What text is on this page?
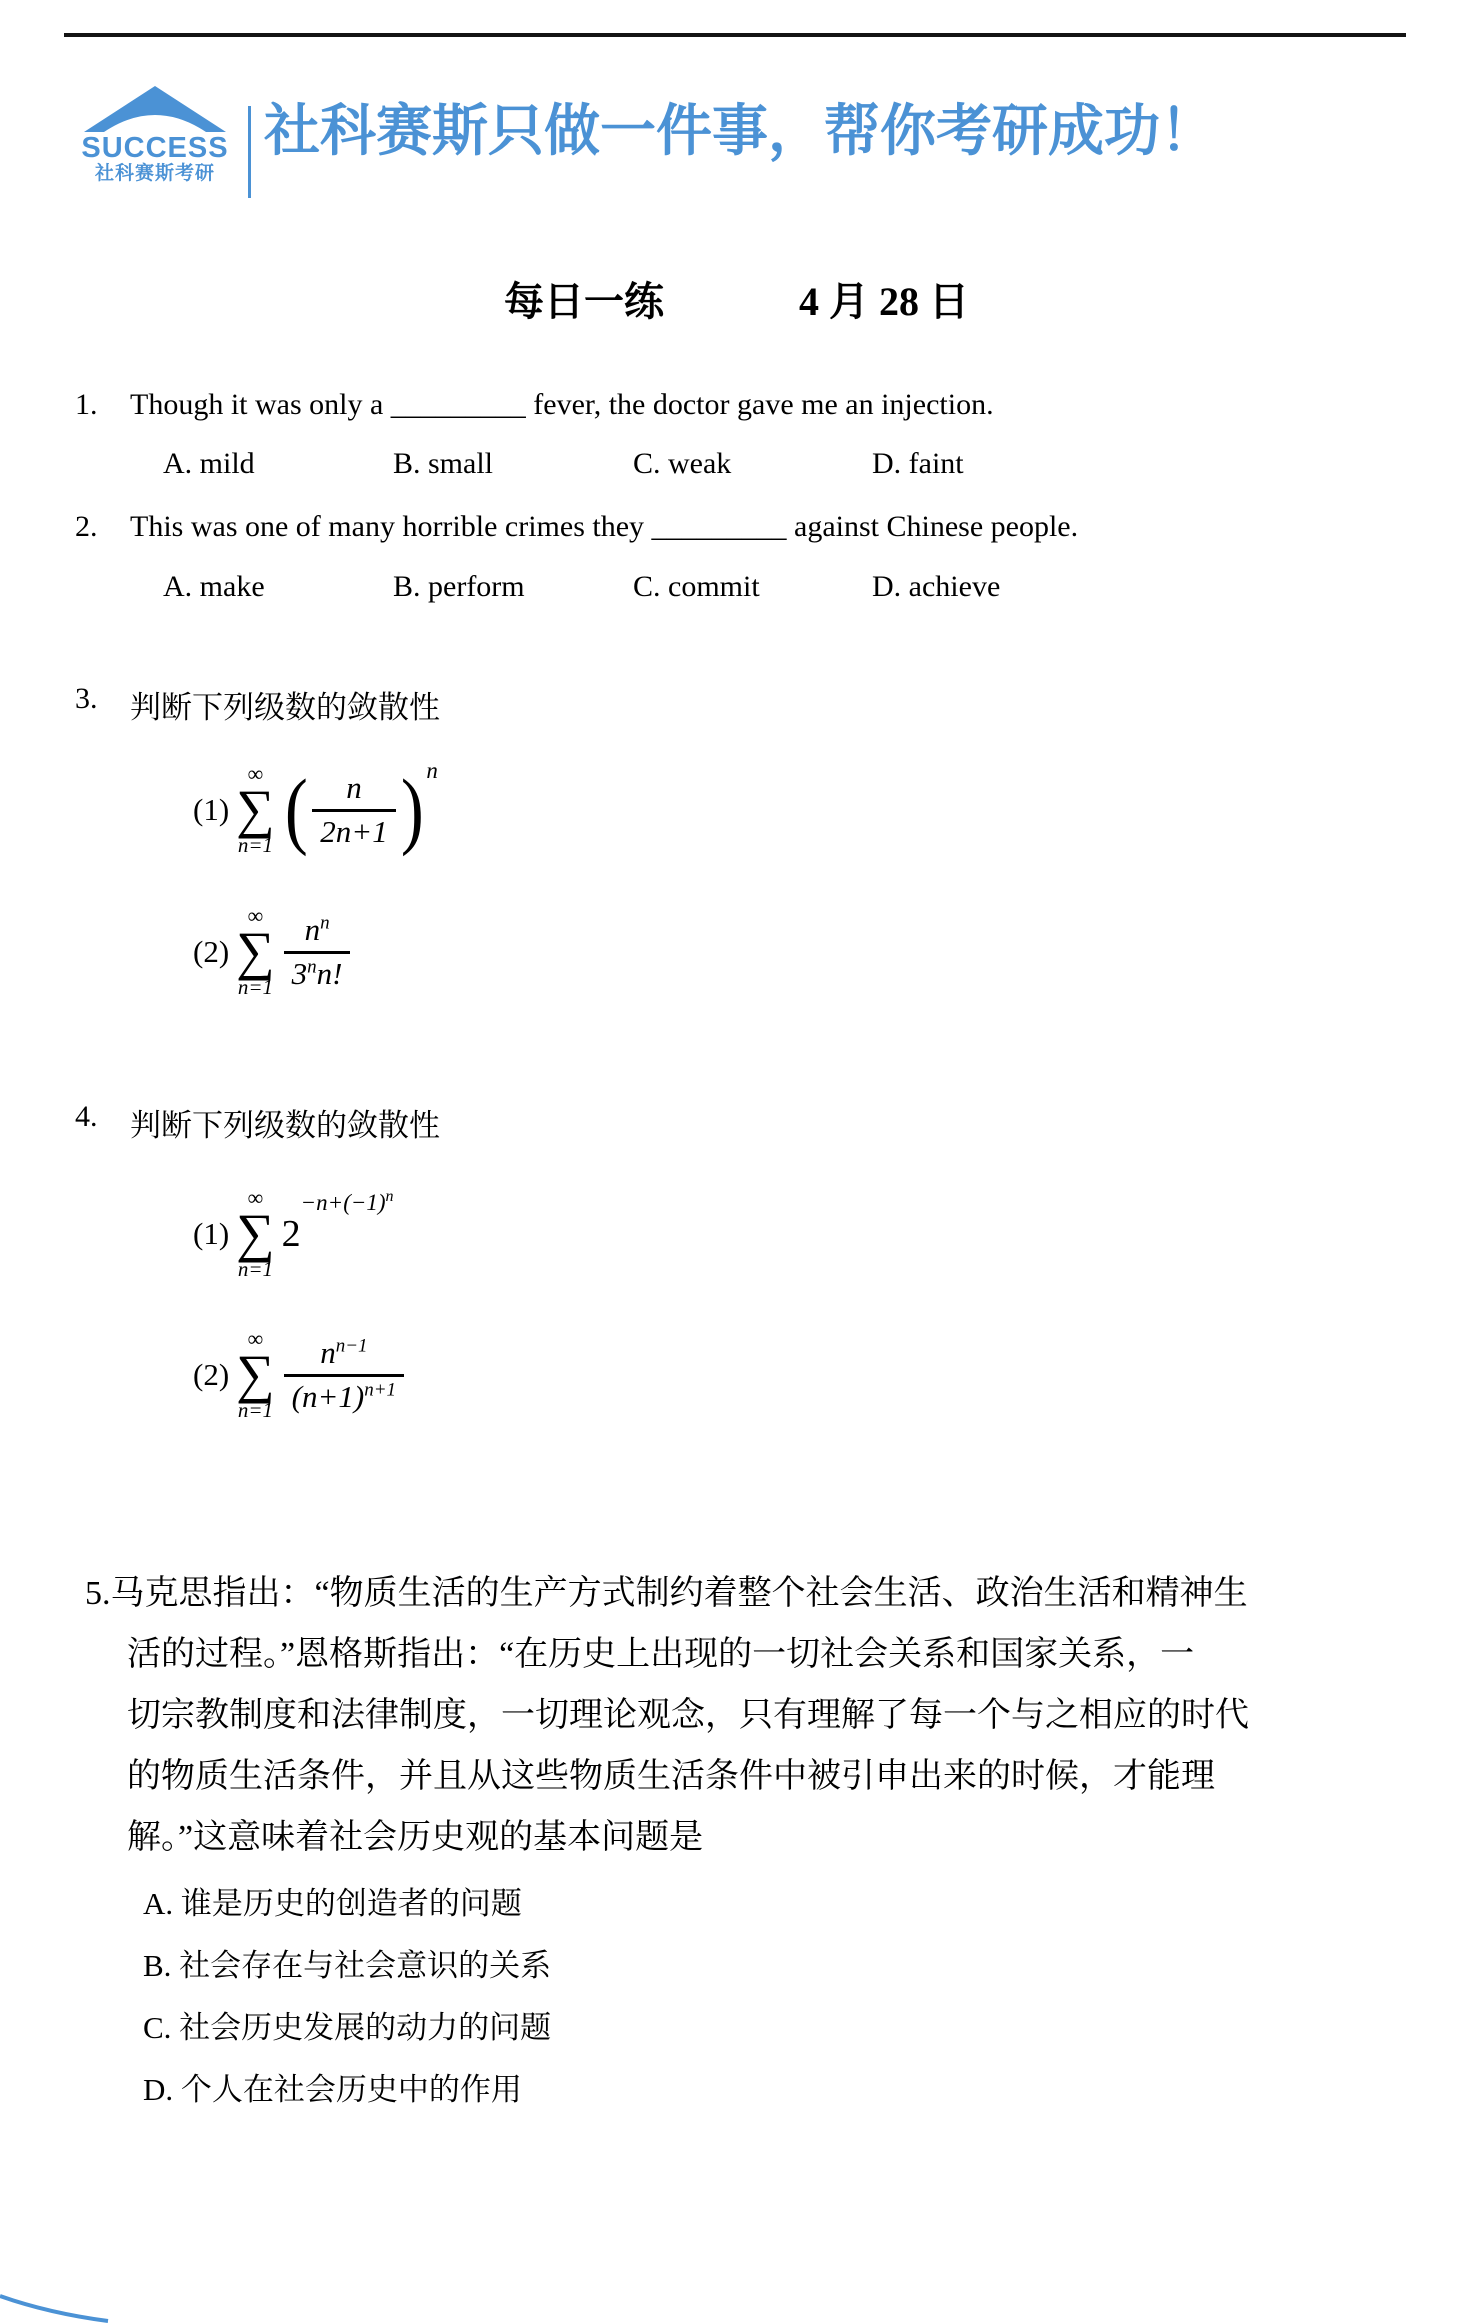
SUCCESS
社科赛斯考研
社科赛斯只做一件事，帮你考研成功！
每日一练	4 月 28 日
1. Though it was only a _________ fever, the doctor gave me an injection.
A. mild	B. small	C. weak	D. faint
2. This was one of many horrible crimes they _________ against Chinese people.
A. make	B. perform	C. commit	D. achieve
3. 判断下列级数的敛散性
(1)
∞
∑
n=1 ( $\frac{n}{2n+1}$ ) n
(2)
∞
∑
$n=1 \frac{n^n}{3^nn!}$
4. 判断下列级数的敛散性
(1)
∞
∑
n=1
2
$-n+(-1)^n$
(2)
∞
∑
$n=1 \frac{n^{n-1}}{(n+1)^{n+1}}$
5.马克思指出：“物质生活的生产方式制约着整个社会生活、政治生活和精神生
活的过程。”恩格斯指出：“在历史上出现的一切社会关系和国家关系，一
切宗教制度和法律制度，一切理论观念，只有理解了每一个与之相应的时代
的物质生活条件，并且从这些物质生活条件中被引申出来的时候，才能理
解。”这意味着社会历史观的基本问题是
A. 谁是历史的创造者的问题
B. 社会存在与社会意识的关系
C. 社会历史发展的动力的问题
D. 个人在社会历史中的作用
